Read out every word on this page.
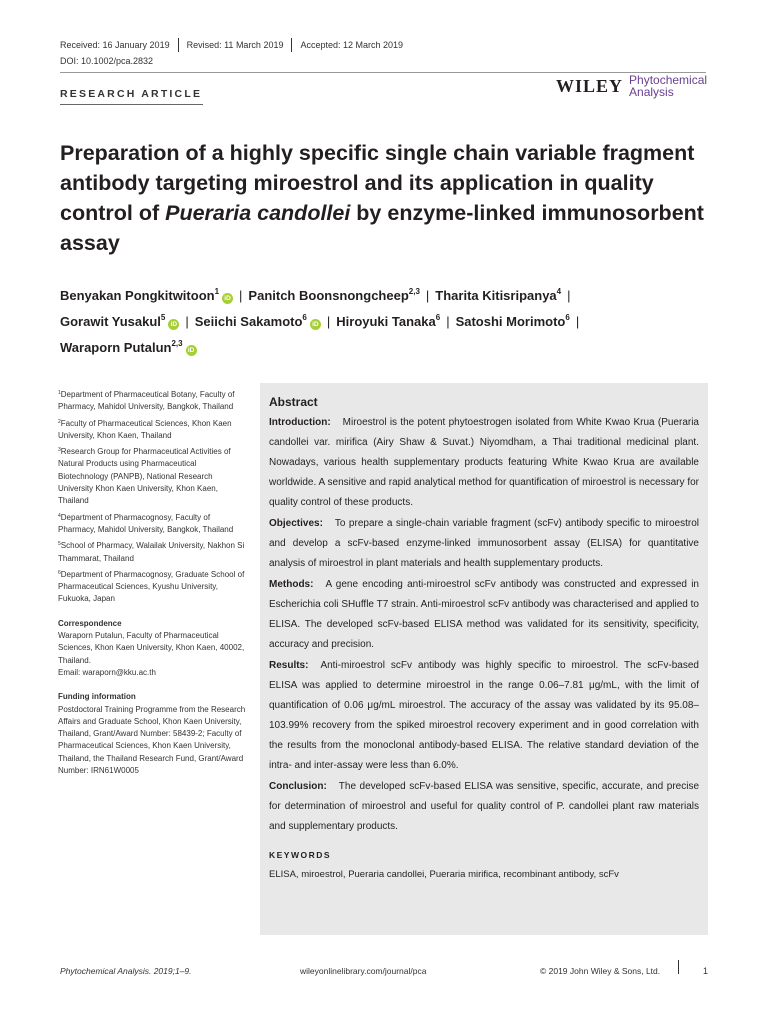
Received: 16 January 2019 Revised: 11 March 2019 Accepted: 12 March 2019
DOI: 10.1002/pca.2832
RESEARCH ARTICLE	WILEY Phytochemical
Analysis
Preparation of a highly specific single chain variable fragment antibody targeting miroestrol and its application in quality control of Pueraria candollei by enzyme-linked immunosorbent assay
Benyakan Pongkitwitoon$^1$iD | Panitch Boonsnongcheep$^{2,3}$ | Tharita Kitisripanya$^4$ |
Gorawit Yusakul$^5$iD | Seiichi Sakamoto$^6$iD | Hiroyuki Tanaka$^6$ | Satoshi Morimoto$^6$ |
Waraporn Putalun$^{2,3}$iD
$^1$Department of Pharmaceutical Botany, Faculty of Pharmacy, Mahidol University, Bangkok, Thailand
$^2$Faculty of Pharmaceutical Sciences, Khon Kaen University, Khon Kaen, Thailand
$^3$Research Group for Pharmaceutical Activities of Natural Products using Pharmaceutical Biotechnology (PANPB), National Research University Khon Kaen University, Khon Kaen, Thailand
$^4$Department of Pharmacognosy, Faculty of Pharmacy, Mahidol University, Bangkok, Thailand
$^5$School of Pharmacy, Walailak University, Nakhon Si Thammarat, Thailand
$^6$Department of Pharmacognosy, Graduate School of Pharmaceutical Sciences, Kyushu University, Fukuoka, Japan
Correspondence
Waraporn Putalun, Faculty of Pharmaceutical Sciences, Khon Kaen University, Khon Kaen, 40002, Thailand.
Email: waraporn@kku.ac.th
Funding information
Postdoctoral Training Programme from the Research Affairs and Graduate School, Khon Kaen University, Thailand, Grant/Award Number: 58439-2; Faculty of Pharmaceutical Sciences, Khon Kaen University, Thailand, the Thailand Research Fund, Grant/Award Number: IRN61W0005
Abstract

Introduction: Miroestrol is the potent phytoestrogen isolated from White Kwao Krua (Pueraria candollei var. mirifica (Airy Shaw & Suvat.) Niyomdham, a Thai traditional medicinal plant. Nowadays, various health supplementary products featuring White Kwao Krua are available worldwide. A sensitive and rapid analytical method for quantification of miroestrol is necessary for quality control of these products.

Objectives: To prepare a single-chain variable fragment (scFv) antibody specific to miroestrol and develop a scFv-based enzyme-linked immunosorbent assay (ELISA) for quantitative analysis of miroestrol in plant materials and health supplementary products.

Methods: A gene encoding anti-miroestrol scFv antibody was constructed and expressed in Escherichia coli SHuffle T7 strain. Anti-miroestrol scFv antibody was characterised and applied to ELISA. The developed scFv-based ELISA method was validated for its sensitivity, specificity, accuracy and precision.

Results: Anti-miroestrol scFv antibody was highly specific to miroestrol. The scFv-based ELISA was applied to determine miroestrol in the range 0.06–7.81 μg/mL, with the limit of quantification of 0.06 μg/mL miroestrol. The accuracy of the assay was validated by its 95.08–103.99% recovery from the spiked miroestrol recovery experiment and in good correlation with the results from the monoclonal antibody-based ELISA. The relative standard deviation of the intra- and inter-assay were less than 6.0%.

Conclusion: The developed scFv-based ELISA was sensitive, specific, accurate, and precise for determination of miroestrol and useful for quality control of P. candollei plant raw materials and supplementary products.

KEYWORDS
ELISA, miroestrol, Pueraria candollei, Pueraria mirifica, recombinant antibody, scFv
Phytochemical Analysis. 2019;1–9.	wileyonlinelibrary.com/journal/pca	© 2019 John Wiley & Sons, Ltd.	1
